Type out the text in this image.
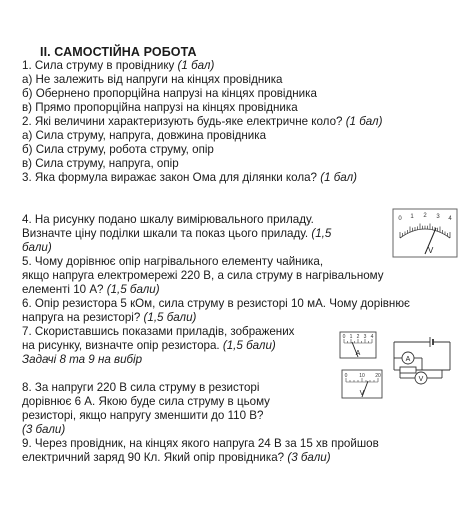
II. САМОСТІЙНА РОБОТА
1. Сила струму в провіднику (1 бал)
а) Не залежить від напруги на кінцях провідника
б) Обернено пропорційна напрузі на кінцях провідника
в) Прямо пропорційна напрузі на кінцях провідника
2. Які величини характеризують будь-яке електричне коло? (1 бал)
а) Сила струму, напруга, довжина провідника
б) Сила струму, робота струму, опір
в) Сила струму, напруга, опір
3. Яка формула виражає закон Ома для ділянки кола? (1 бал)
4. На рисунку подано шкалу вимірювального приладу.
Визначте ціну поділки шкали та показ цього приладу. (1,5
бали)
0 1 2 3 4
V
5. Чому дорівнює опір нагрівального елементу чайника,
якщо напруга електромережі 220 В, а сила струму в нагрівальному
елементі 10 А? (1,5 бали)
6. Опір резистора 5 кОм, сила струму в резисторі 10 мА. Чому дорівнює
напруга на резисторі? (1,5 бали)
7. Скориставшись показами приладів, зображених
на рисунку, визначте опір резистора. (1,5 бали)
Задачі 8 та 9 на вибір
0 1 2 3 4
A
0 10 20
V
A
V
8. За напруги 220 В сила струму в резисторі
дорівнює 6 А. Якою буде сила струму в цьому
резисторі, якщо напругу зменшити до 110 В?
(3 бали)
9. Через провідник, на кінцях якого напруга 24 В за 15 хв пройшов
електричний заряд 90 Кл. Який опір провідника? (3 бали)
